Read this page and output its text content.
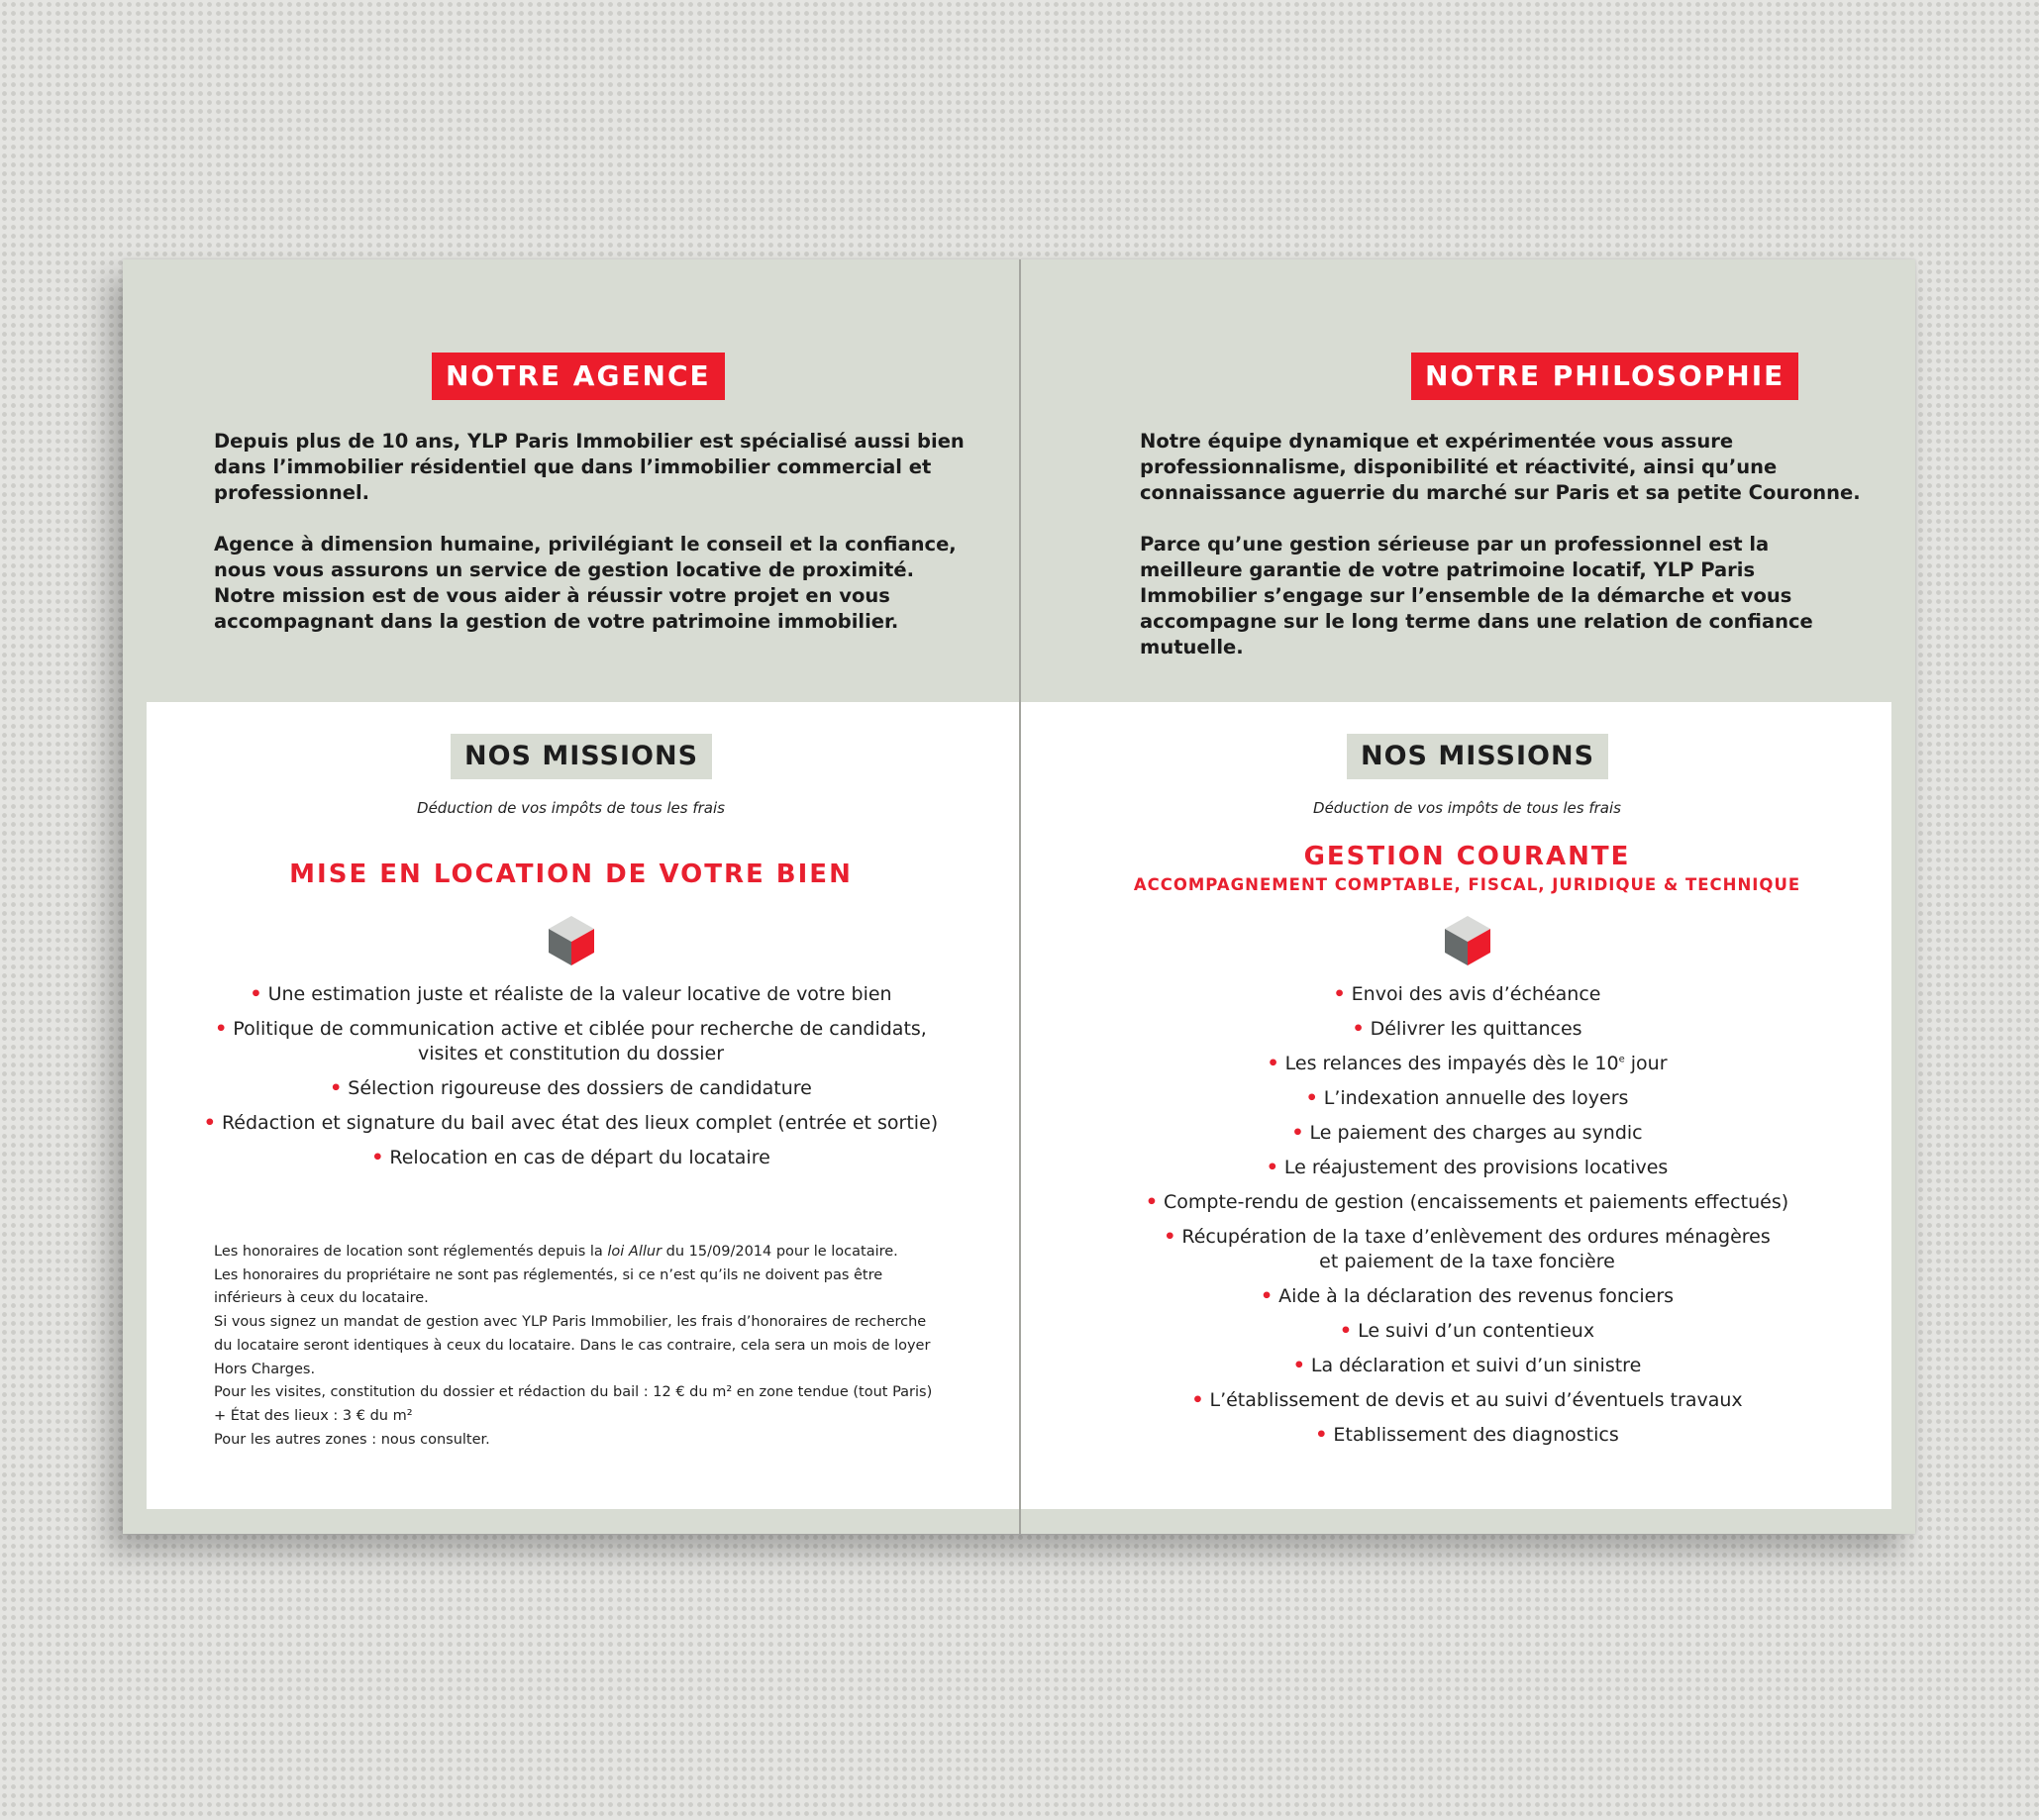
NOTRE AGENCE

Depuis plus de 10 ans, YLP Paris Immobilier est spécialisé aussi bien dans l’immobilier résidentiel que dans l’immobilier commercial et professionnel.

Agence à dimension humaine, privilégiant le conseil et la confiance, nous vous assurons un service de gestion locative de proximité.

Notre mission est de vous aider à réussir votre projet en vous accompagnant dans la gestion de votre patrimoine immobilier.

NOS MISSIONS
Déduction de vos impôts de tous les frais
MISE EN LOCATION DE VOTRE BIEN
• Une estimation juste et réaliste de la valeur locative de votre bien
• Politique de communication active et ciblée pour recherche de candidats,
visites et constitution du dossier
• Sélection rigoureuse des dossiers de candidature
• Rédaction et signature du bail avec état des lieux complet (entrée et sortie)
• Relocation en cas de départ du locataire

Les honoraires de location sont réglementés depuis la loi Allur du 15/09/2014 pour le locataire.

Les honoraires du propriétaire ne sont pas réglementés, si ce n’est qu’ils ne doivent pas être inférieurs à ceux du locataire.

Si vous signez un mandat de gestion avec YLP Paris Immobilier, les frais d’honoraires de recherche du locataire seront identiques à ceux du locataire. Dans le cas contraire, cela sera un mois de loyer Hors Charges.

Pour les visites, constitution du dossier et rédaction du bail : 12 € du m² en zone tendue (tout Paris) + État des lieux : 3 € du m²

Pour les autres zones : nous consulter.

NOTRE PHILOSOPHIE

Notre équipe dynamique et expérimentée vous assure professionnalisme, disponibilité et réactivité, ainsi qu’une connaissance aguerrie du marché sur Paris et sa petite Couronne.

Parce qu’une gestion sérieuse par un professionnel est la meilleure garantie de votre patrimoine locatif, YLP Paris Immobilier s’engage sur l’ensemble de la démarche et vous accompagne sur le long terme dans une relation de confiance mutuelle.

NOS MISSIONS
Déduction de vos impôts de tous les frais
GESTION COURANTE
ACCOMPAGNEMENT COMPTABLE, FISCAL, JURIDIQUE & TECHNIQUE
• Envoi des avis d’échéance
• Délivrer les quittances
• Les relances des impayés dès le 10e jour
• L’indexation annuelle des loyers
• Le paiement des charges au syndic
• Le réajustement des provisions locatives
• Compte-rendu de gestion (encaissements et paiements effectués)
• Récupération de la taxe d’enlèvement des ordures ménagères
et paiement de la taxe foncière
• Aide à la déclaration des revenus fonciers
• Le suivi d’un contentieux
• La déclaration et suivi d’un sinistre
• L’établissement de devis et au suivi d’éventuels travaux
• Etablissement des diagnostics
